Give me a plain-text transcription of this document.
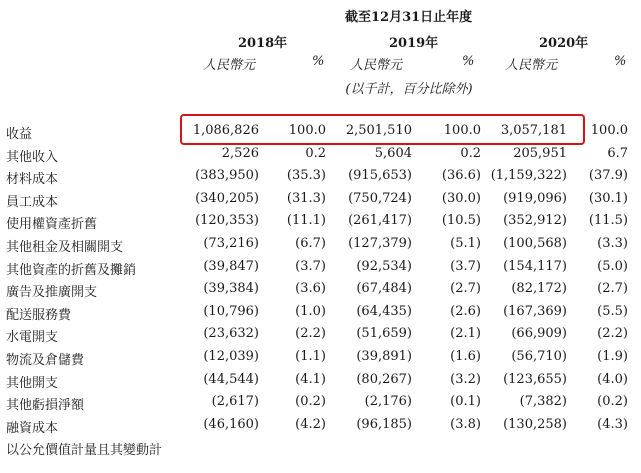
截至12月31日止年度
2018年	2019年	2020年
人民幣元	% 人民幣元	% 人民幣元	%
(以千計，百分比除外)
收益	1,086,826 100.0 2,501,510 100.0 3,057,181 100.0
其他收入	2,526	0.2	5,604	0.2 205,951	6.7
材料成本	(383,950) (35.3) (915,653) (36.6) (1,159,322) (37.9)
員工成本	(340,205) (31.3) (750,724) (30.0) (919,096) (30.1)
使用權資產折舊	(120,353) (11.1) (261,417) (10.5) (352,912) (11.5)
其他租金及相關開支	(73,216)	(6.7) (127,379)	(5.1) (100,568) (3.3)
其他資產的折舊及攤銷	(39,847)	(3.7) (92,534)	(3.7) (154,117) (5.0)
廣告及推廣開支	(39,384)	(3.6) (67,484)	(2.7) (82,172) (2.7)
配送服務費	(10,796)	(1.0) (64,435)	(2.6) (167,369) (5.5)
水電開支	(23,632)	(2.2) (51,659)	(2.1) (66,909) (2.2)
物流及倉儲費	(12,039)	(1.1) (39,891)	(1.6) (56,710) (1.9)
其他開支	(44,544)	(4.1) (80,267)	(3.2) (123,655) (4.0)
其他虧損淨額	(2,617)	(0.2)	(2,176)	(0.1)	(7,382) (0.2)
融資成本	(46,160)	(4.2) (96,185)	(3.8) (130,258) (4.3)
以公允價值計量且其變動計
